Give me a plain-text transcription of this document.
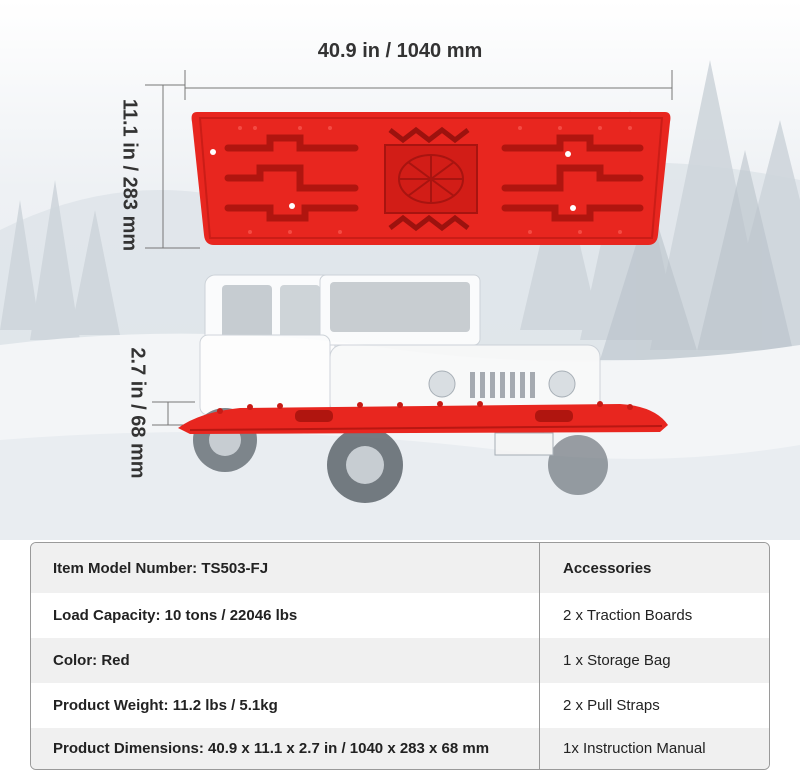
40.9 in / 1040 mm
11.1 in / 283 mm
2.7 in / 68 mm
Item Model Number: TS503-FJ	Accessories
Load Capacity: 10 tons / 22046 lbs	2 x Traction Boards
Color: Red	1 x Storage Bag
Product Weight: 11.2 lbs / 5.1kg	2 x Pull Straps
Product Dimensions: 40.9 x 11.1 x 2.7 in / 1040 x 283 x 68 mm	1x Instruction Manual
